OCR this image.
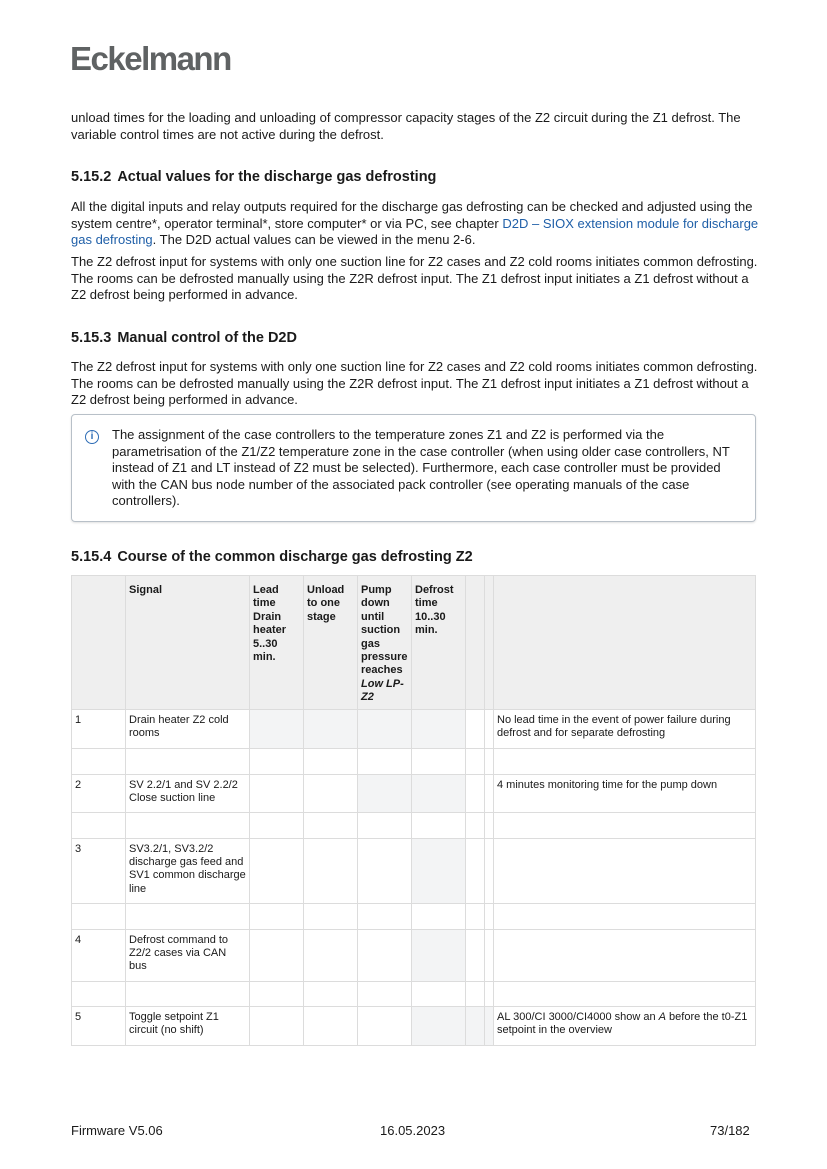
Eckelmann

unload times for the loading and unloading of compressor capacity stages of the Z2 circuit during the Z1 defrost. The variable control times are not active during the defrost.

5.15.2 Actual values for the discharge gas defrosting

All the digital inputs and relay outputs required for the discharge gas defrosting can be checked and adjusted using the system centre*, operator terminal*, store computer* or via PC, see chapter D2D – SIOX extension module for discharge gas defrosting. The D2D actual values can be viewed in the menu 2-6.

The Z2 defrost input for systems with only one suction line for Z2 cases and Z2 cold rooms initiates common defrosting. The rooms can be defrosted manually using the Z2R defrost input. The Z1 defrost input initiates a Z1 defrost without a Z2 defrost being performed in advance.

5.15.3 Manual control of the D2D

The Z2 defrost input for systems with only one suction line for Z2 cases and Z2 cold rooms initiates common defrosting. The rooms can be defrosted manually using the Z2R defrost input. The Z1 defrost input initiates a Z1 defrost without a Z2 defrost being performed in advance.

i	The assignment of the case controllers to the temperature zones Z1 and Z2 is performed via the parametrisation of the Z1/Z2 temperature zone in the case controller (when using older case controllers, NT instead of Z1 and LT instead of Z2 must be selected). Furthermore, each case controller must be provided with the CAN bus node number of the associated pack controller (see operating manuals of the case controllers).
5.15.4 Course of the common discharge gas defrosting Z2
	Signal	Lead time Drain heater 5..30 min.	Unload to one stage	Pump down until suction gas pressure reaches Low LP-Z2	Defrost time 10..30 min.			
1	Drain heater Z2 cold rooms							No lead time in the event of power failure during defrost and for separate defrosting

2	SV 2.2/1 and SV 2.2/2 Close suction line							4 minutes monitoring time for the pump down

3	SV3.2/1, SV3.2/2 discharge gas feed and SV1 common discharge line							

4	Defrost command to Z2/2 cases via CAN bus							

5	Toggle setpoint Z1 circuit (no shift)							AL 300/CI 3000/CI4000 show an A before the t0-Z1 setpoint in the overview
Firmware V5.06	16.05.2023	73/182
